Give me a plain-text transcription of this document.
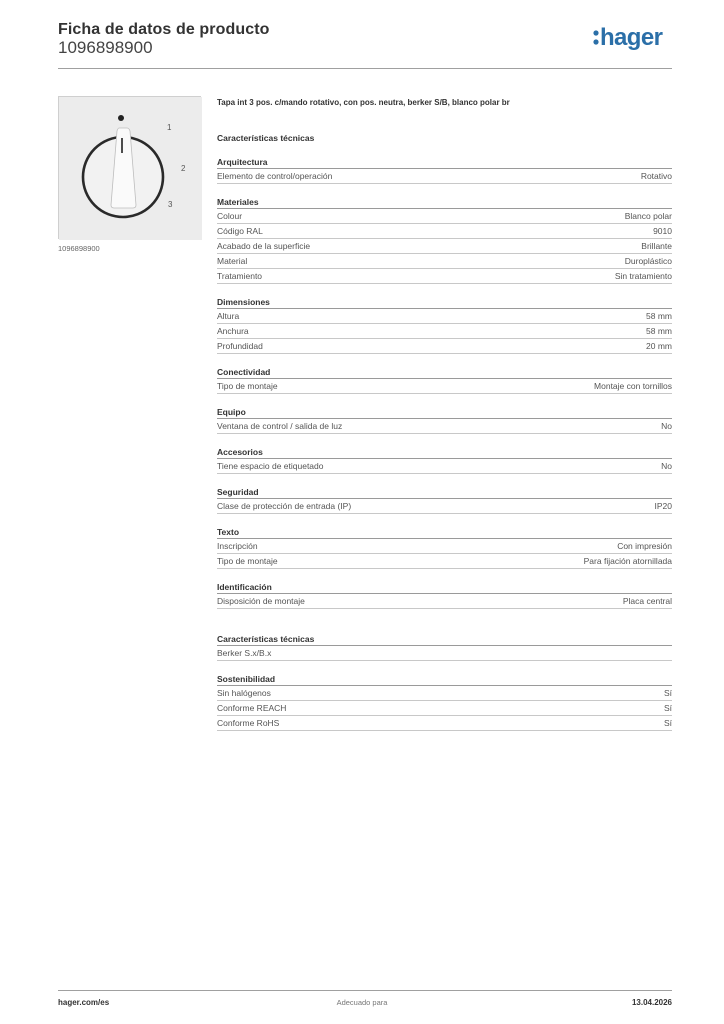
Ficha de datos de producto
1096898900	hager
1
2
3
1096898900
Tapa int 3 pos. c/mando rotativo, con pos. neutra, berker S/B, blanco polar br
Características técnicas
Arquitectura
Elemento de control/operación	Rotativo
Materiales
Colour	Blanco polar
Código RAL	9010
Acabado de la superficie	Brillante
Material	Duroplástico
Tratamiento	Sin tratamiento
Dimensiones
Altura	58 mm
Anchura	58 mm
Profundidad	20 mm
Conectividad
Tipo de montaje	Montaje con tornillos
Equipo
Ventana de control / salida de luz	No
Accesorios
Tiene espacio de etiquetado	No
Seguridad
Clase de protección de entrada (IP)	IP20
Texto
Inscripción	Con impresión
Tipo de montaje	Para fijación atornillada
Identificación
Disposición de montaje	Placa central
Características técnicas
Berker S.x/B.x
Sostenibilidad
Sin halógenos	Sí
Conforme REACH	Sí
Conforme RoHS	Sí
hager.com/es	Adecuado para	13.04.2026
